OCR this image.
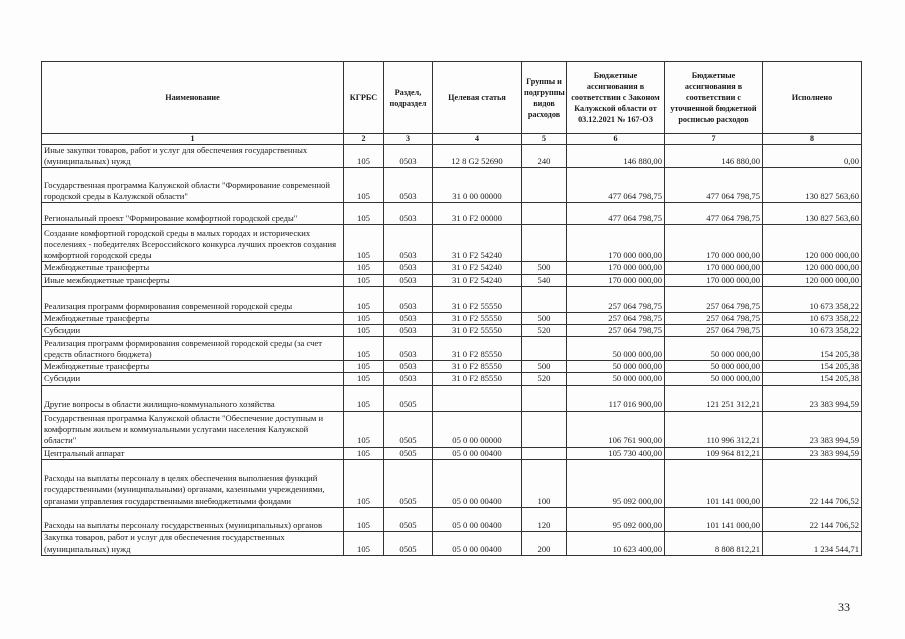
Наименование	КГРБС	Раздел, подраздел	Целевая статья	Группы и подгруппы видов расходов	Бюджетные ассигнования в соответствии с Законом Калужской области от 03.12.2021 № 167-ОЗ	Бюджетные ассигнования в соответствии с уточненной бюджетной росписью расходов	Исполнено
1	2	3	4	5	6	7	8
Иные закупки товаров, работ и услуг для обеспечения государственных (муниципальных) нужд	105	0503	12 8 G2 52690	240	146 880,00	146 880,00	0,00
Государственная программа Калужской области "Формирование современной городской среды в Калужской области"	105	0503	31 0 00 00000		477 064 798,75	477 064 798,75	130 827 563,60
Региональный проект "Формирование комфортной городской среды"	105	0503	31 0 F2 00000		477 064 798,75	477 064 798,75	130 827 563,60
Создание комфортной городской среды в малых городах и исторических поселениях - победителях Всероссийского конкурса лучших проектов создания комфортной городской среды	105	0503	31 0 F2 54240		170 000 000,00	170 000 000,00	120 000 000,00
Межбюджетные трансферты	105	0503	31 0 F2 54240	500	170 000 000,00	170 000 000,00	120 000 000,00
Иные межбюджетные трансферты	105	0503	31 0 F2 54240	540	170 000 000,00	170 000 000,00	120 000 000,00
Реализация программ формирования современной городской среды	105	0503	31 0 F2 55550		257 064 798,75	257 064 798,75	10 673 358,22
Межбюджетные трансферты	105	0503	31 0 F2 55550	500	257 064 798,75	257 064 798,75	10 673 358,22
Субсидии	105	0503	31 0 F2 55550	520	257 064 798,75	257 064 798,75	10 673 358,22
Реализация программ формирования современной городской среды (за счет средств областного бюджета)	105	0503	31 0 F2 85550		50 000 000,00	50 000 000,00	154 205,38
Межбюджетные трансферты	105	0503	31 0 F2 85550	500	50 000 000,00	50 000 000,00	154 205,38
Субсидии	105	0503	31 0 F2 85550	520	50 000 000,00	50 000 000,00	154 205,38
Другие вопросы в области жилищно-коммунального хозяйства	105	0505			117 016 900,00	121 251 312,21	23 383 994,59
Государственная программа Калужской области "Обеспечение доступным и комфортным жильем и коммунальными услугами населения Калужской области"	105	0505	05 0 00 00000		106 761 900,00	110 996 312,21	23 383 994,59
Центральный аппарат	105	0505	05 0 00 00400		105 730 400,00	109 964 812,21	23 383 994,59
Расходы на выплаты персоналу в целях обеспечения выполнения функций государственными (муниципальными) органами, казенными учреждениями, органами управления государственными внебюджетными фондами	105	0505	05 0 00 00400	100	95 092 000,00	101 141 000,00	22 144 706,52
Расходы на выплаты персоналу государственных (муниципальных) органов	105	0505	05 0 00 00400	120	95 092 000,00	101 141 000,00	22 144 706,52
Закупка товаров, работ и услуг для обеспечения государственных (муниципальных) нужд	105	0505	05 0 00 00400	200	10 623 400,00	8 808 812,21	1 234 544,71
33
